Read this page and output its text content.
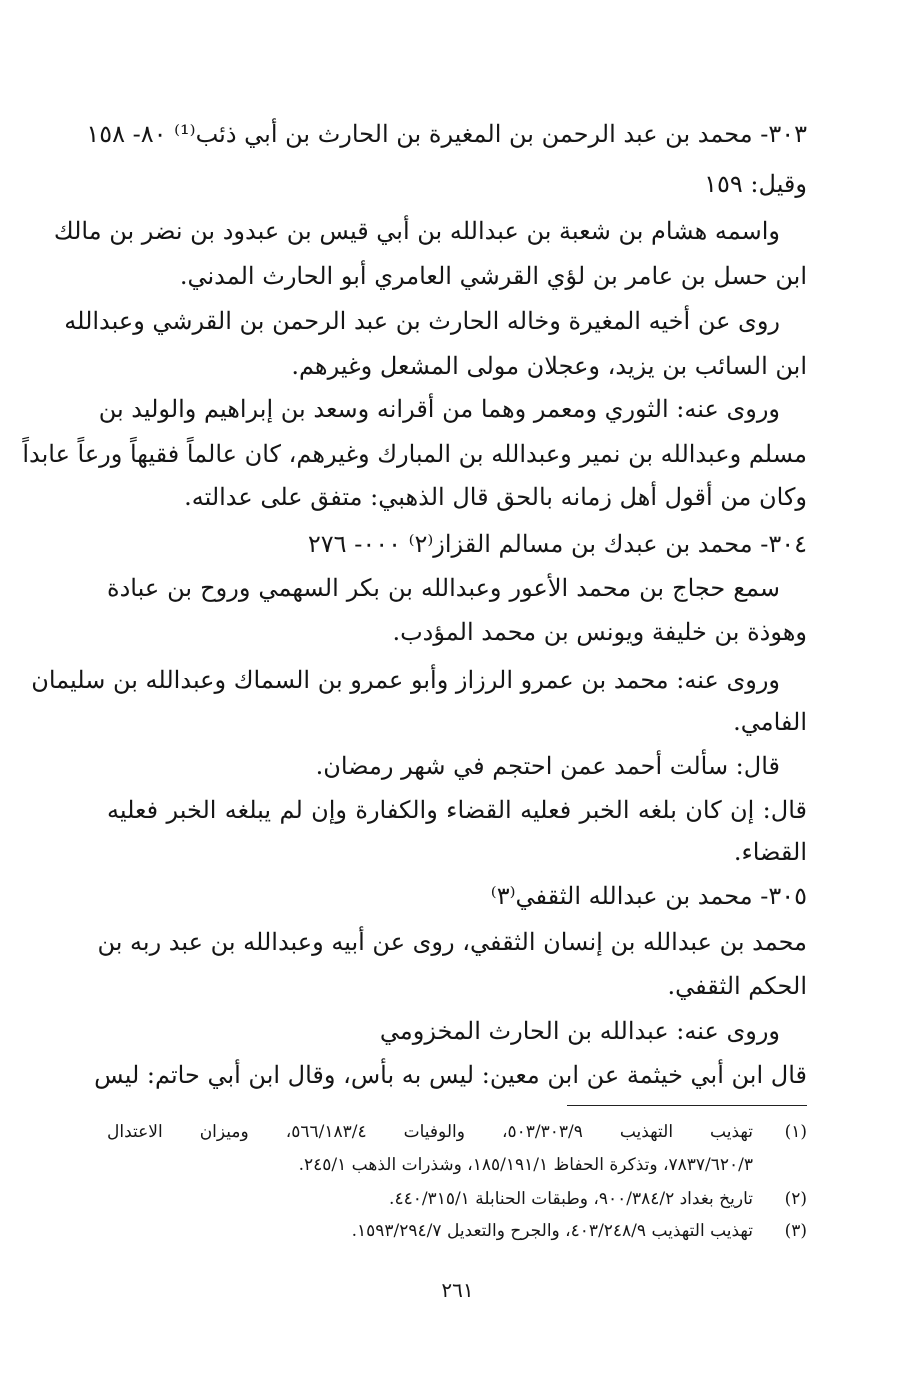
٣٠٣- محمد بن عبد الرحمن بن المغيرة بن الحارث بن أبي ذئب⁽¹⁾ ٨٠- ١٥٨
وقيل: ١٥٩
واسمه هشام بن شعبة بن عبدالله بن أبي قيس بن عبدود بن نضر بن مالك
ابن حسل بن عامر بن لؤي القرشي العامري أبو الحارث المدني.
روى عن أخيه المغيرة وخاله الحارث بن عبد الرحمن بن القرشي وعبدالله
ابن السائب بن يزيد، وعجلان مولى المشعل وغيرهم.
وروى عنه: الثوري ومعمر وهما من أقرانه وسعد بن إبراهيم والوليد بن
مسلم وعبدالله بن نمير وعبدالله بن المبارك وغيرهم، كان عالماً فقيهاً ورعاً عابداً
وكان من أقول أهل زمانه بالحق قال الذهبي: متفق على عدالته.
٣٠٤- محمد بن عبدك بن مسالم القزاز⁽٢⁾ ٠٠٠- ٢٧٦
سمع حجاج بن محمد الأعور وعبدالله بن بكر السهمي وروح بن عبادة
وهوذة بن خليفة ويونس بن محمد المؤدب.
وروى عنه: محمد بن عمرو الرزاز وأبو عمرو بن السماك وعبدالله بن سليمان
الفامي.
قال: سألت أحمد عمن احتجم في شهر رمضان.
قال: إن كان بلغه الخبر فعليه القضاء والكفارة وإن لم يبلغه الخبر فعليه
القضاء.
٣٠٥- محمد بن عبدالله الثقفي⁽٣⁾
محمد بن عبدالله بن إنسان الثقفي، روى عن أبيه وعبدالله بن عبد ربه بن
الحكم الثقفي.
وروى عنه: عبدالله بن الحارث المخزومي
قال ابن أبي خيثمة عن ابن معين: ليس به بأس، وقال ابن أبي حاتم: ليس
(١)
تهذيب التهذيب ٥٠٣/٣٠٣/٩، والوفيات ٥٦٦/١٨٣/٤، وميزان الاعتدال
٧٨٣٧/٦٢٠/٣، وتذكرة الحفاظ ١٨٥/١٩١/١، وشذرات الذهب ٢٤٥/١.
(٢)
تاريخ بغداد ٩٠٠/٣٨٤/٢، وطبقات الحنابلة ٤٤٠/٣١٥/١.
(٣)
تهذيب التهذيب ٤٠٣/٢٤٨/٩، والجرح والتعديل ١٥٩٣/٢٩٤/٧.
٢٦١
